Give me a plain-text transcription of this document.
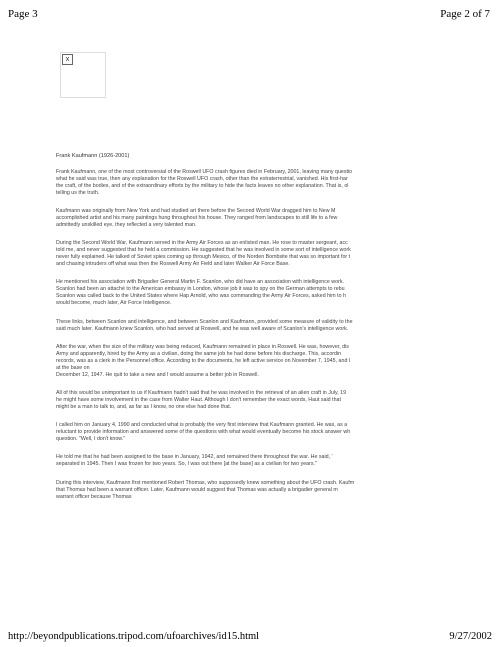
Page 3	Page 2 of 7
x
Frank Kaufmann (1926-2001)

Frank Kaufmann, one of the most controversial of the Roswell UFO crash figures died in February, 2001, leaving many questio
what he said was true, then any explanation for the Roswell UFO crash, other than the extraterrestrial, vanished. His first-har
the craft, of the bodies, and of the extraordinary efforts by the military to hide the facts leaves no other explanation. That is, ol
telling us the truth.

Kaufmann was originally from New York and had studied art there before the Second World War dragged him to New M
accomplished artist and his many paintings hung throughout his house. They ranged from landscapes to still life to a few
admittedly unskilled eye, they reflected a very talented man.

During the Second World War, Kaufmann served in the Army Air Forces as an enlisted man. He rose to master sergeant, acc
told me, and never suggested that he held a commission. He suggested that he was involved in some sort of intelligence work
never fully explained. He talked of Soviet spies coming up through Mexico, of the Norden Bombsite that was so important for t
and chasing intruders off what was then the Roswell Army Air Field and later Walker Air Force Base.

He mentioned his association with Brigadier General Martin F. Scanlon, who did have an association with intelligence work.
Scanlon had been an attaché to the American embassy in London, whose job it was to spy on the German attempts to rebu
Scanlon was called back to the United States where Hap Arnold, who was commanding the Army Air Forces, asked him to h
would become, much later, Air Force Intelligence.

These links, between Scanlon and intelligence, and between Scanlon and Kaufmann, provided some measure of validity to the
said much later. Kaufmann knew Scanlon, who had served at Roswell, and he was well aware of Scanlon's intelligence work.

After the war, when the size of the military was being reduced, Kaufmann remained in place in Roswell. He was, however, dis
Army and apparently, hired by the Army as a civilian, doing the same job he had done before his discharge. This, accordin
records, was as a clerk in the Personnel office. According to the documents, he left active service on November 7, 1945, and I
at the base on
December 12, 1947. He quit to take a new and I would assume a better job in Roswell.

All of this would be unimportant to us if Kaufmann hadn't said that he was involved in the retrieval of an alien craft in July, 19
he might have some involvement in the case from Walter Haut. Although I don't remember the exact words, Haut said that
might be a man to talk to, and, as far as I know, no one else had done that.

I called him on January 4, 1990 and conducted what is probably the very first interview that Kaufmann granted. He was, as a
reluctant to provide information and answered some of the questions with what would eventually become his stock answer wh
question. "Well, I don't know."

He told me that he had been assigned to the base in January, 1942, and remained there throughout the war. He said, '
separated in 1945. Then I was frozen for two years. So, I was out there [at the base] as a civilian for two years."

During this interview, Kaufmann first mentioned Robert Thomas, who supposedly knew something about the UFO crash. Kaufm
that Thomas had been a warrant officer. Later, Kaufmann would suggest that Thomas was actually a brigadier general m
warrant officer because Thomas

http://beyondpublications.tripod.com/ufoarchives/id15.html	9/27/2002
